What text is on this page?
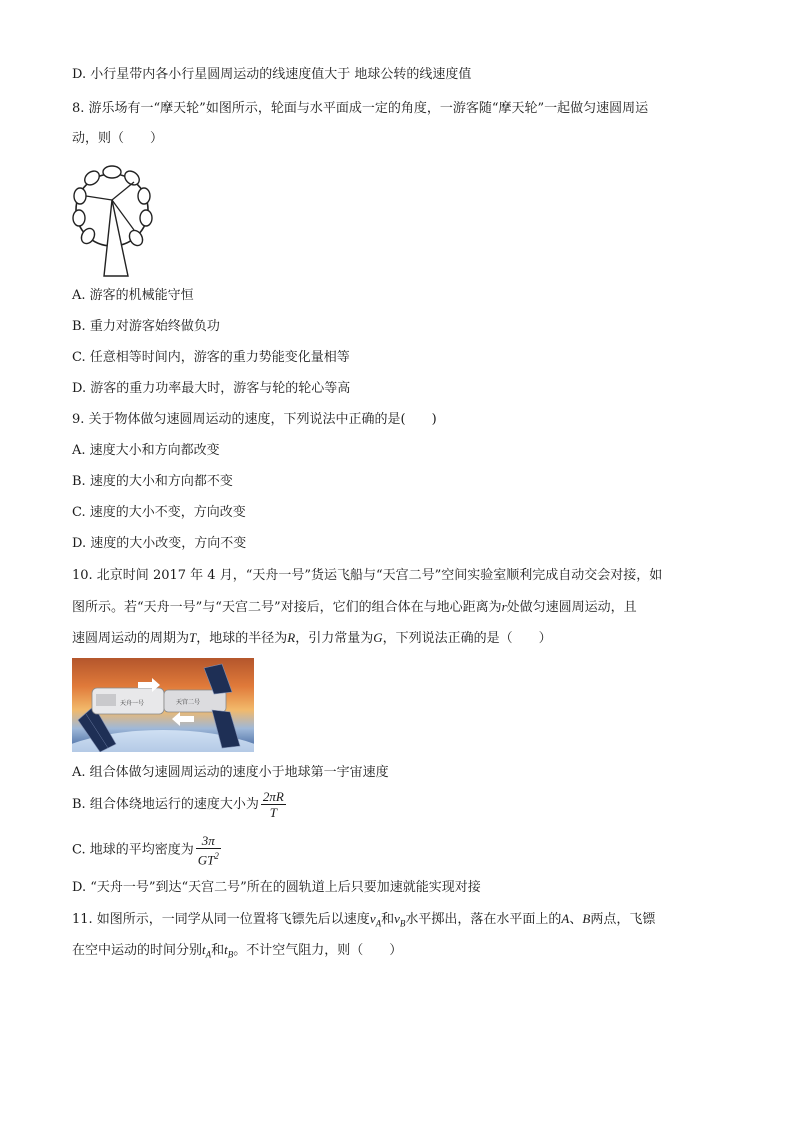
D. 小行星带内各小行星圆周运动的线速度值大于 地球公转的线速度值
8. 游乐场有一“摩天轮”如图所示，轮面与水平面成一定的角度，一游客随“摩天轮”一起做匀速圆周运
动，则（　　）
A. 游客的机械能守恒
B. 重力对游客始终做负功
C. 任意相等时间内，游客的重力势能变化量相等
D. 游客的重力功率最大时，游客与轮的轮心等高
9. 关于物体做匀速圆周运动的速度，下列说法中正确的是(　　)
A. 速度大小和方向都改变
B. 速度的大小和方向都不变
C. 速度的大小不变，方向改变
D. 速度的大小改变，方向不变
10. 北京时间 2017 年 4 月，“天舟一号”货运飞船与“天宫二号”空间实验室顺利完成自动交会对接，如
图所示。若“天舟一号”与“天宫二号”对接后，它们的组合体在与地心距离为r处做匀速圆周运动，且
速圆周运动的周期为T，地球的半径为R，引力常量为G，下列说法正确的是（　　）
天舟一号	天宫二号
A. 组合体做匀速圆周运动的速度小于地球第一宇宙速度
B. 组合体绕地运行的速度大小为 $\frac{2\pi R}{T}$
C. 地球的平均密度为 $\frac{3\pi}{GT^2}$
D. “天舟一号”到达“天宫二号”所在的圆轨道上后只要加速就能实现对接
11. 如图所示，一同学从同一位置将飞镖先后以速度$v_A$和$v_B$水平掷出，落在水平面上的A、B两点，飞镖
在空中运动的时间分别$t_A$和$t_B$。不计空气阻力，则（　　）
